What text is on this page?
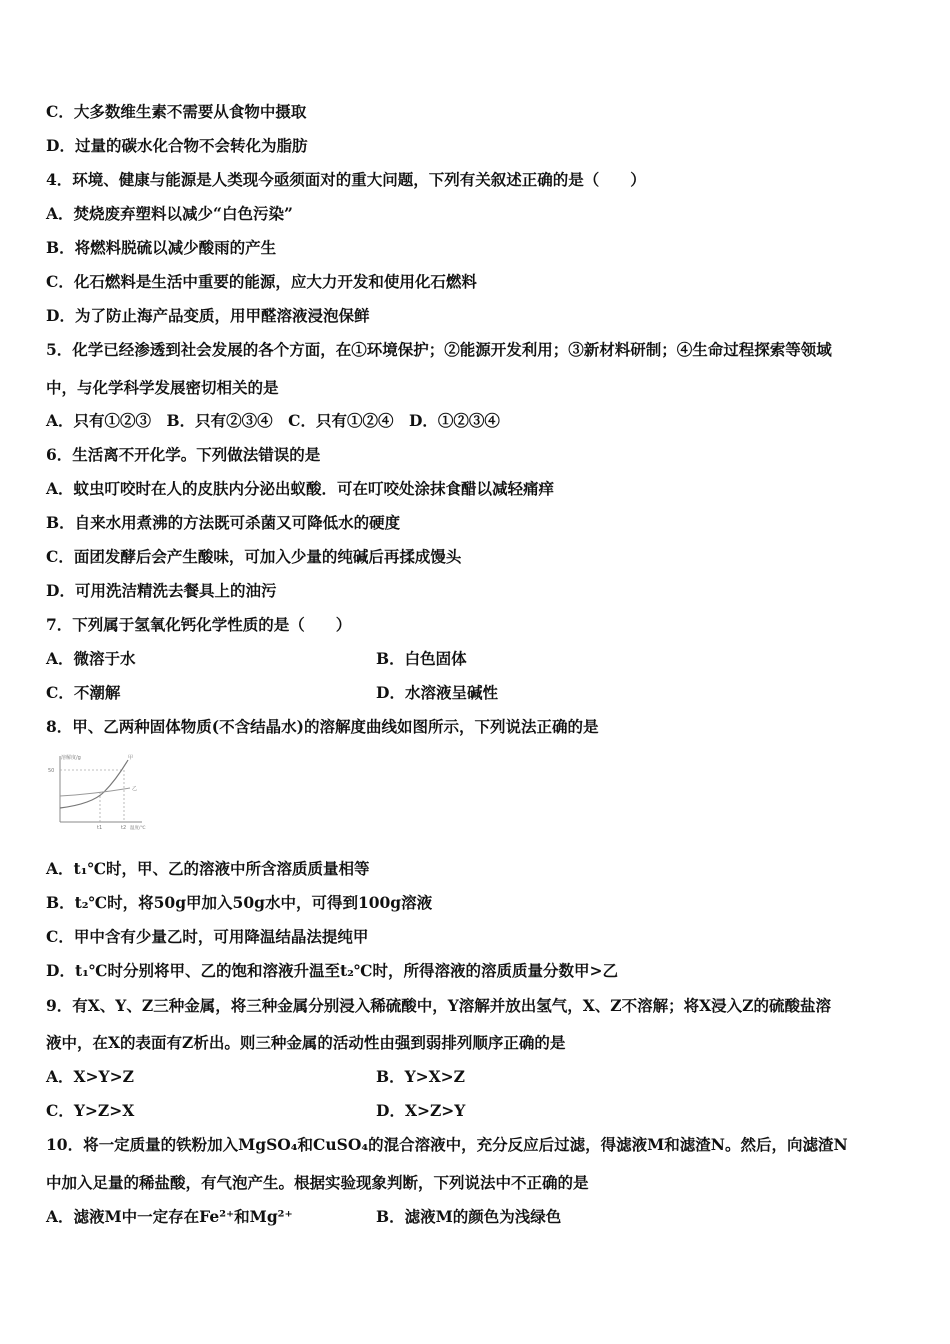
C．大多数维生素不需要从食物中摄取
D．过量的碳水化合物不会转化为脂肪
4．环境、健康与能源是人类现今亟须面对的重大问题，下列有关叙述正确的是（　　）
A．焚烧废弃塑料以减少“白色污染”
B．将燃料脱硫以减少酸雨的产生
C．化石燃料是生活中重要的能源，应大力开发和使用化石燃料
D．为了防止海产品变质，用甲醛溶液浸泡保鲜
5．化学已经渗透到社会发展的各个方面，在①环境保护；②能源开发利用；③新材料研制；④生命过程探索等领域
中，与化学科学发展密切相关的是
A．只有①②③　B．只有②③④　C．只有①②④　D．①②③④
6．生活离不开化学。下列做法错误的是
A．蚊虫叮咬时在人的皮肤内分泌出蚁酸．可在叮咬处涂抹食醋以减轻痛痒
B．自来水用煮沸的方法既可杀菌又可降低水的硬度
C．面团发酵后会产生酸味，可加入少量的纯碱后再揉成馒头
D．可用洗洁精洗去餐具上的油污
7．下列属于氢氧化钙化学性质的是（　　）
A．微溶于水	B．白色固体
C．不潮解	D．水溶液呈碱性
8．甲、乙两种固体物质(不含结晶水)的溶解度曲线如图所示，下列说法正确的是
溶解度/g
50
甲
乙
t1	t2 温度/℃
A．t₁℃时，甲、乙的溶液中所含溶质质量相等
B．t₂℃时，将50g甲加入50g水中，可得到100g溶液
C．甲中含有少量乙时，可用降温结晶法提纯甲
D．t₁℃时分别将甲、乙的饱和溶液升温至t₂℃时，所得溶液的溶质质量分数甲>乙
9．有X、Y、Z三种金属，将三种金属分别浸入稀硫酸中，Y溶解并放出氢气，X、Z不溶解；将X浸入Z的硫酸盐溶
液中，在X的表面有Z析出。则三种金属的活动性由强到弱排列顺序正确的是
A．X>Y>Z	B．Y>X>Z
C．Y>Z>X	D．X>Z>Y
10．将一定质量的铁粉加入MgSO₄和CuSO₄的混合溶液中，充分反应后过滤，得滤液M和滤渣N。然后，向滤渣N
中加入足量的稀盐酸，有气泡产生。根据实验现象判断，下列说法中不正确的是
A．滤液M中一定存在Fe²⁺和Mg²⁺	B．滤液M的颜色为浅绿色
